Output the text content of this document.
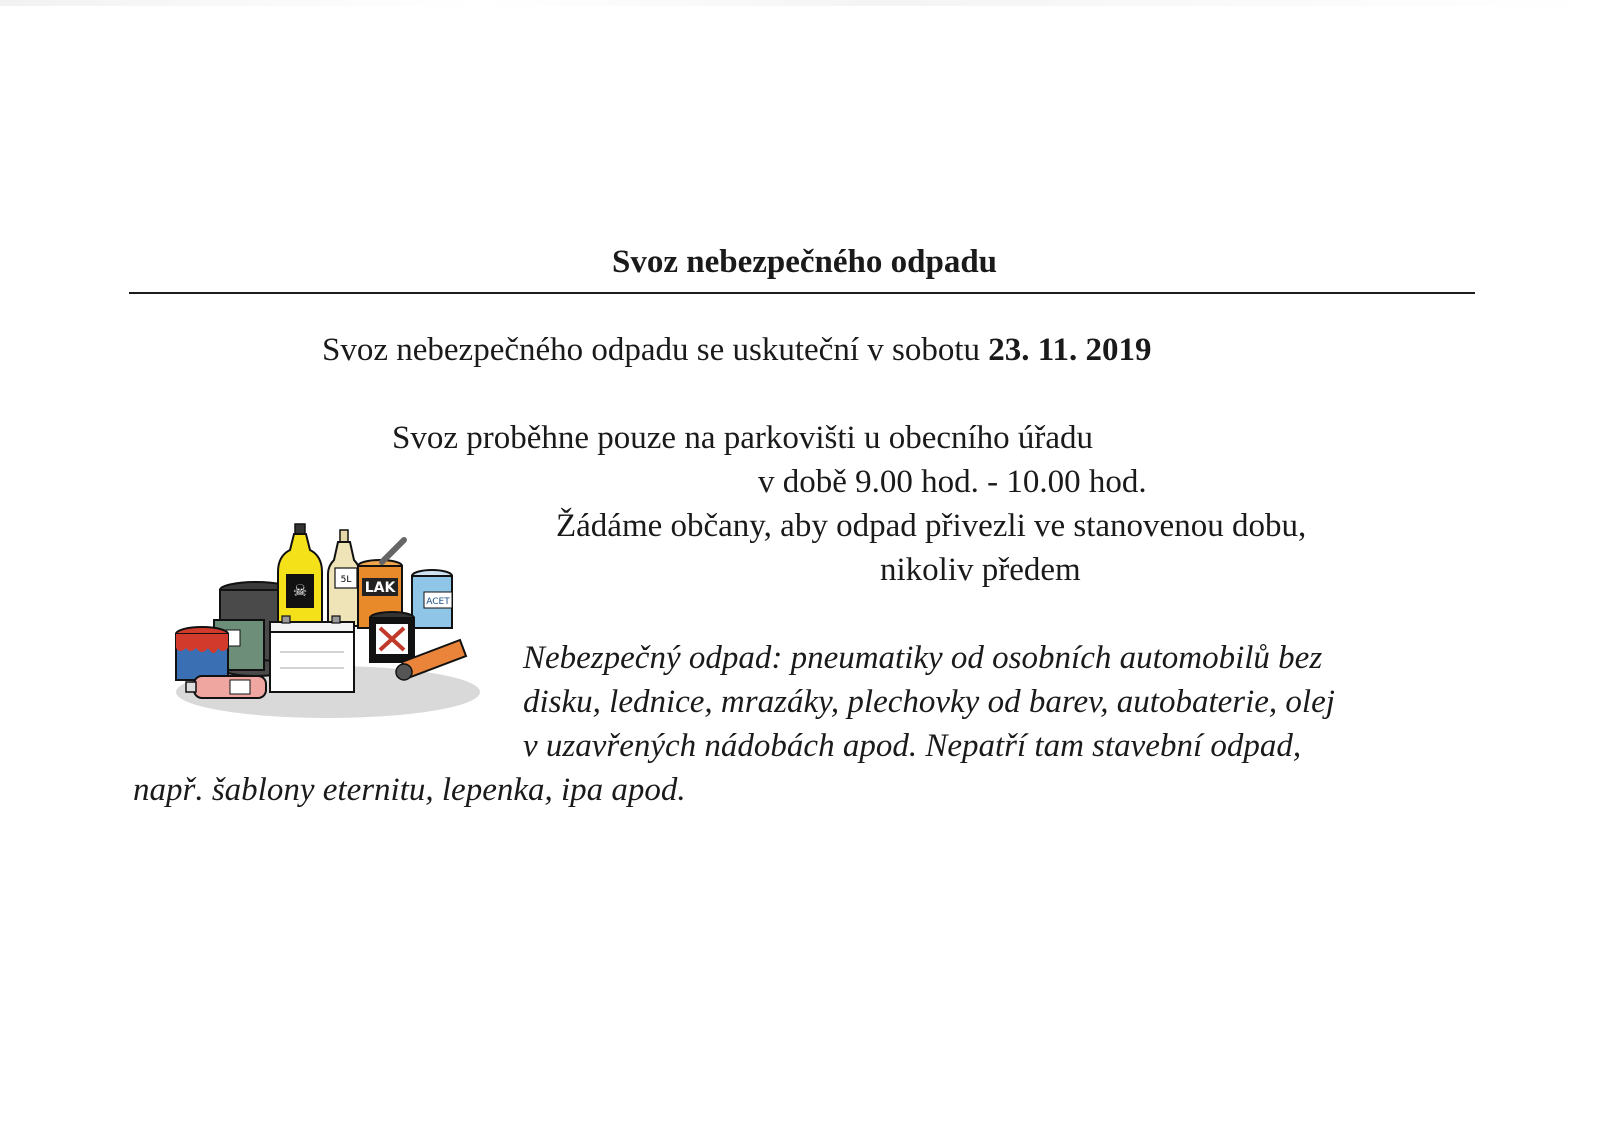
Svoz nebezpečného odpadu
Svoz nebezpečného odpadu se uskuteční v sobotu 23. 11. 2019
Svoz proběhne pouze na parkovišti u obecního úřadu
v době 9.00 hod. - 10.00 hod.
Žádáme občany, aby odpad přivezli ve stanovenou dobu,
nikoliv předem
Nebezpečný odpad: pneumatiky od osobních automobilů bez
disku, lednice, mrazáky, plechovky od barev, autobaterie, olej
v uzavřených nádobách apod. Nepatří tam stavební odpad,
např. šablony eternitu, lepenka, ipa apod.
☠
5L LAK
ACET
